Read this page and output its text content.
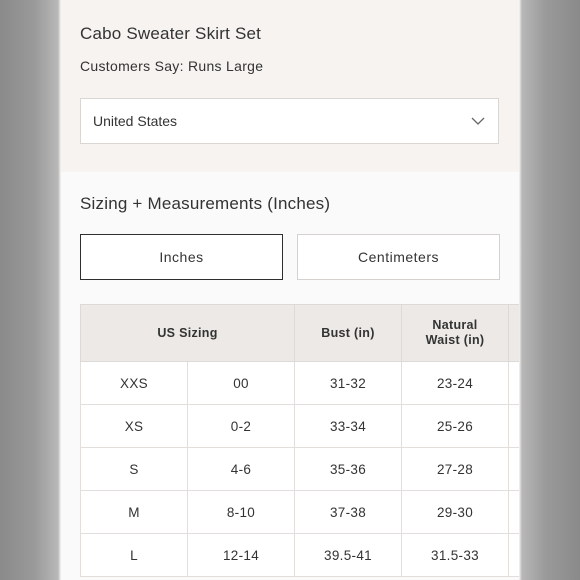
Cabo Sweater Skirt Set
Customers Say: Runs Large
United States
Sizing + Measurements (Inches)
Inches	Centimeters
US Sizing		Bust (in)	Natural Waist (in)	
XXS	00	31-32	23-24	
XS	0-2	33-34	25-26	
S	4-6	35-36	27-28	
M	8-10	37-38	29-30	
L	12-14	39.5-41	31.5-33	
